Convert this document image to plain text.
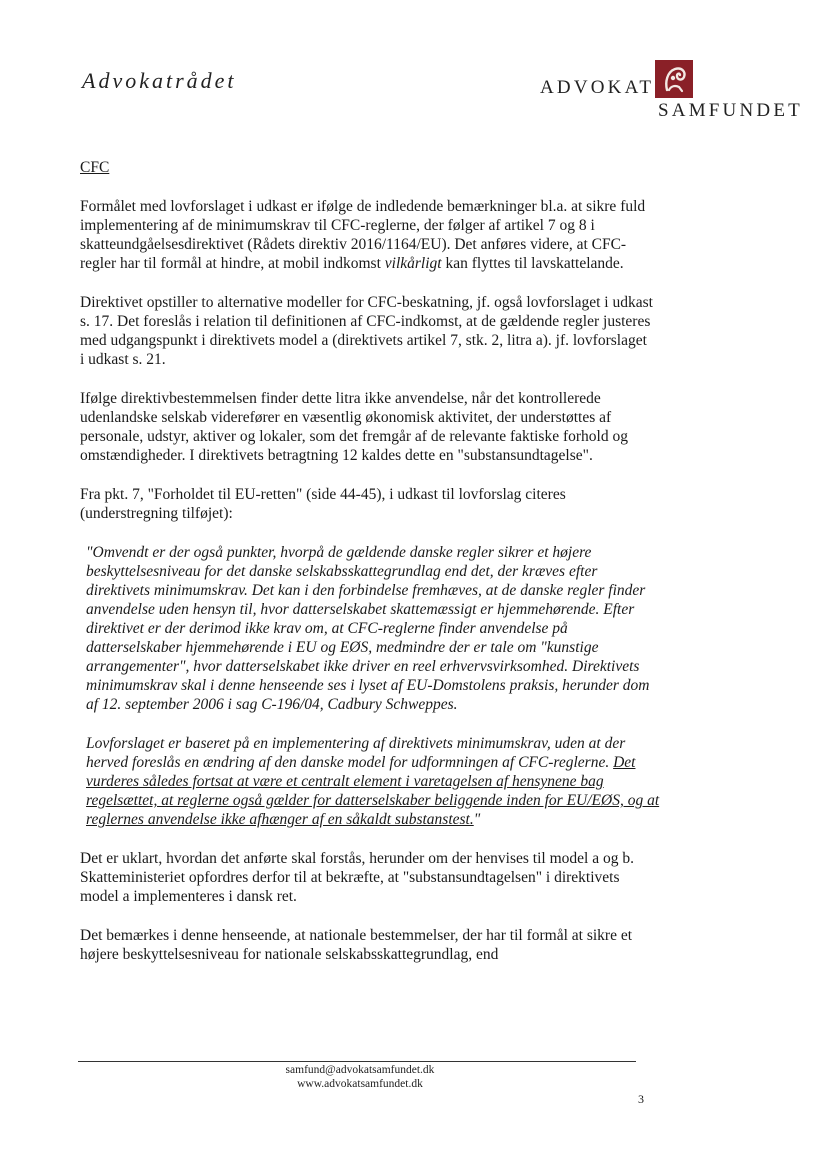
Advokatrådet	ADVOKAT
SAMFUNDET
CFC

Formålet med lovforslaget i udkast er ifølge de indledende bemærkninger bl.a. at sikre fuld implementering af de minimumskrav til CFC-reglerne, der følger af artikel 7 og 8 i skatteundgåelsesdirektivet (Rådets direktiv 2016/1164/EU). Det anføres videre, at CFC-regler har til formål at hindre, at mobil indkomst vilkårligt kan flyttes til lavskattelande.

Direktivet opstiller to alternative modeller for CFC-beskatning, jf. også lovforslaget i udkast s. 17. Det foreslås i relation til definitionen af CFC-indkomst, at de gældende regler justeres med udgangspunkt i direktivets model a (direktivets artikel 7, stk. 2, litra a). jf. lovforslaget i udkast s. 21.

Ifølge direktivbestemmelsen finder dette litra ikke anvendelse, når det kontrollerede udenlandske selskab viderefører en væsentlig økonomisk aktivitet, der understøttes af personale, udstyr, aktiver og lokaler, som det fremgår af de relevante faktiske forhold og omstændigheder. I direktivets betragtning 12 kaldes dette en "substansundtagelse".

Fra pkt. 7, "Forholdet til EU-retten" (side 44-45), i udkast til lovforslag citeres (understregning tilføjet):

"Omvendt er der også punkter, hvorpå de gældende danske regler sikrer et højere beskyttelsesniveau for det danske selskabsskattegrundlag end det, der kræves efter direktivets minimumskrav. Det kan i den forbindelse fremhæves, at de danske regler finder anvendelse uden hensyn til, hvor datterselskabet skattemæssigt er hjemmehørende. Efter direktivet er der derimod ikke krav om, at CFC-reglerne finder anvendelse på datterselskaber hjemmehørende i EU og EØS, medmindre der er tale om "kunstige arrangementer", hvor datterselskabet ikke driver en reel erhvervsvirksomhed. Direktivets minimumskrav skal i denne henseende ses i lyset af EU-Domstolens praksis, herunder dom af 12. september 2006 i sag C-196/04, Cadbury Schweppes.
Lovforslaget er baseret på en implementering af direktivets minimumskrav, uden at der herved foreslås en ændring af den danske model for udformningen af CFC-reglerne. Det vurderes således fortsat at være et centralt element i varetagelsen af hensynene bag regelsættet, at reglerne også gælder for datterselskaber beliggende inden for EU/EØS, og at reglernes anvendelse ikke afhænger af en såkaldt substanstest."

Det er uklart, hvordan det anførte skal forstås, herunder om der henvises til model a og b. Skatteministeriet opfordres derfor til at bekræfte, at "substansundtagelsen" i direktivets model a implementeres i dansk ret.

Det bemærkes i denne henseende, at nationale bestemmelser, der har til formål at sikre et højere beskyttelsesniveau for nationale selskabsskattegrundlag, end

samfund@advokatsamfundet.dk
www.advokatsamfundet.dk
3
